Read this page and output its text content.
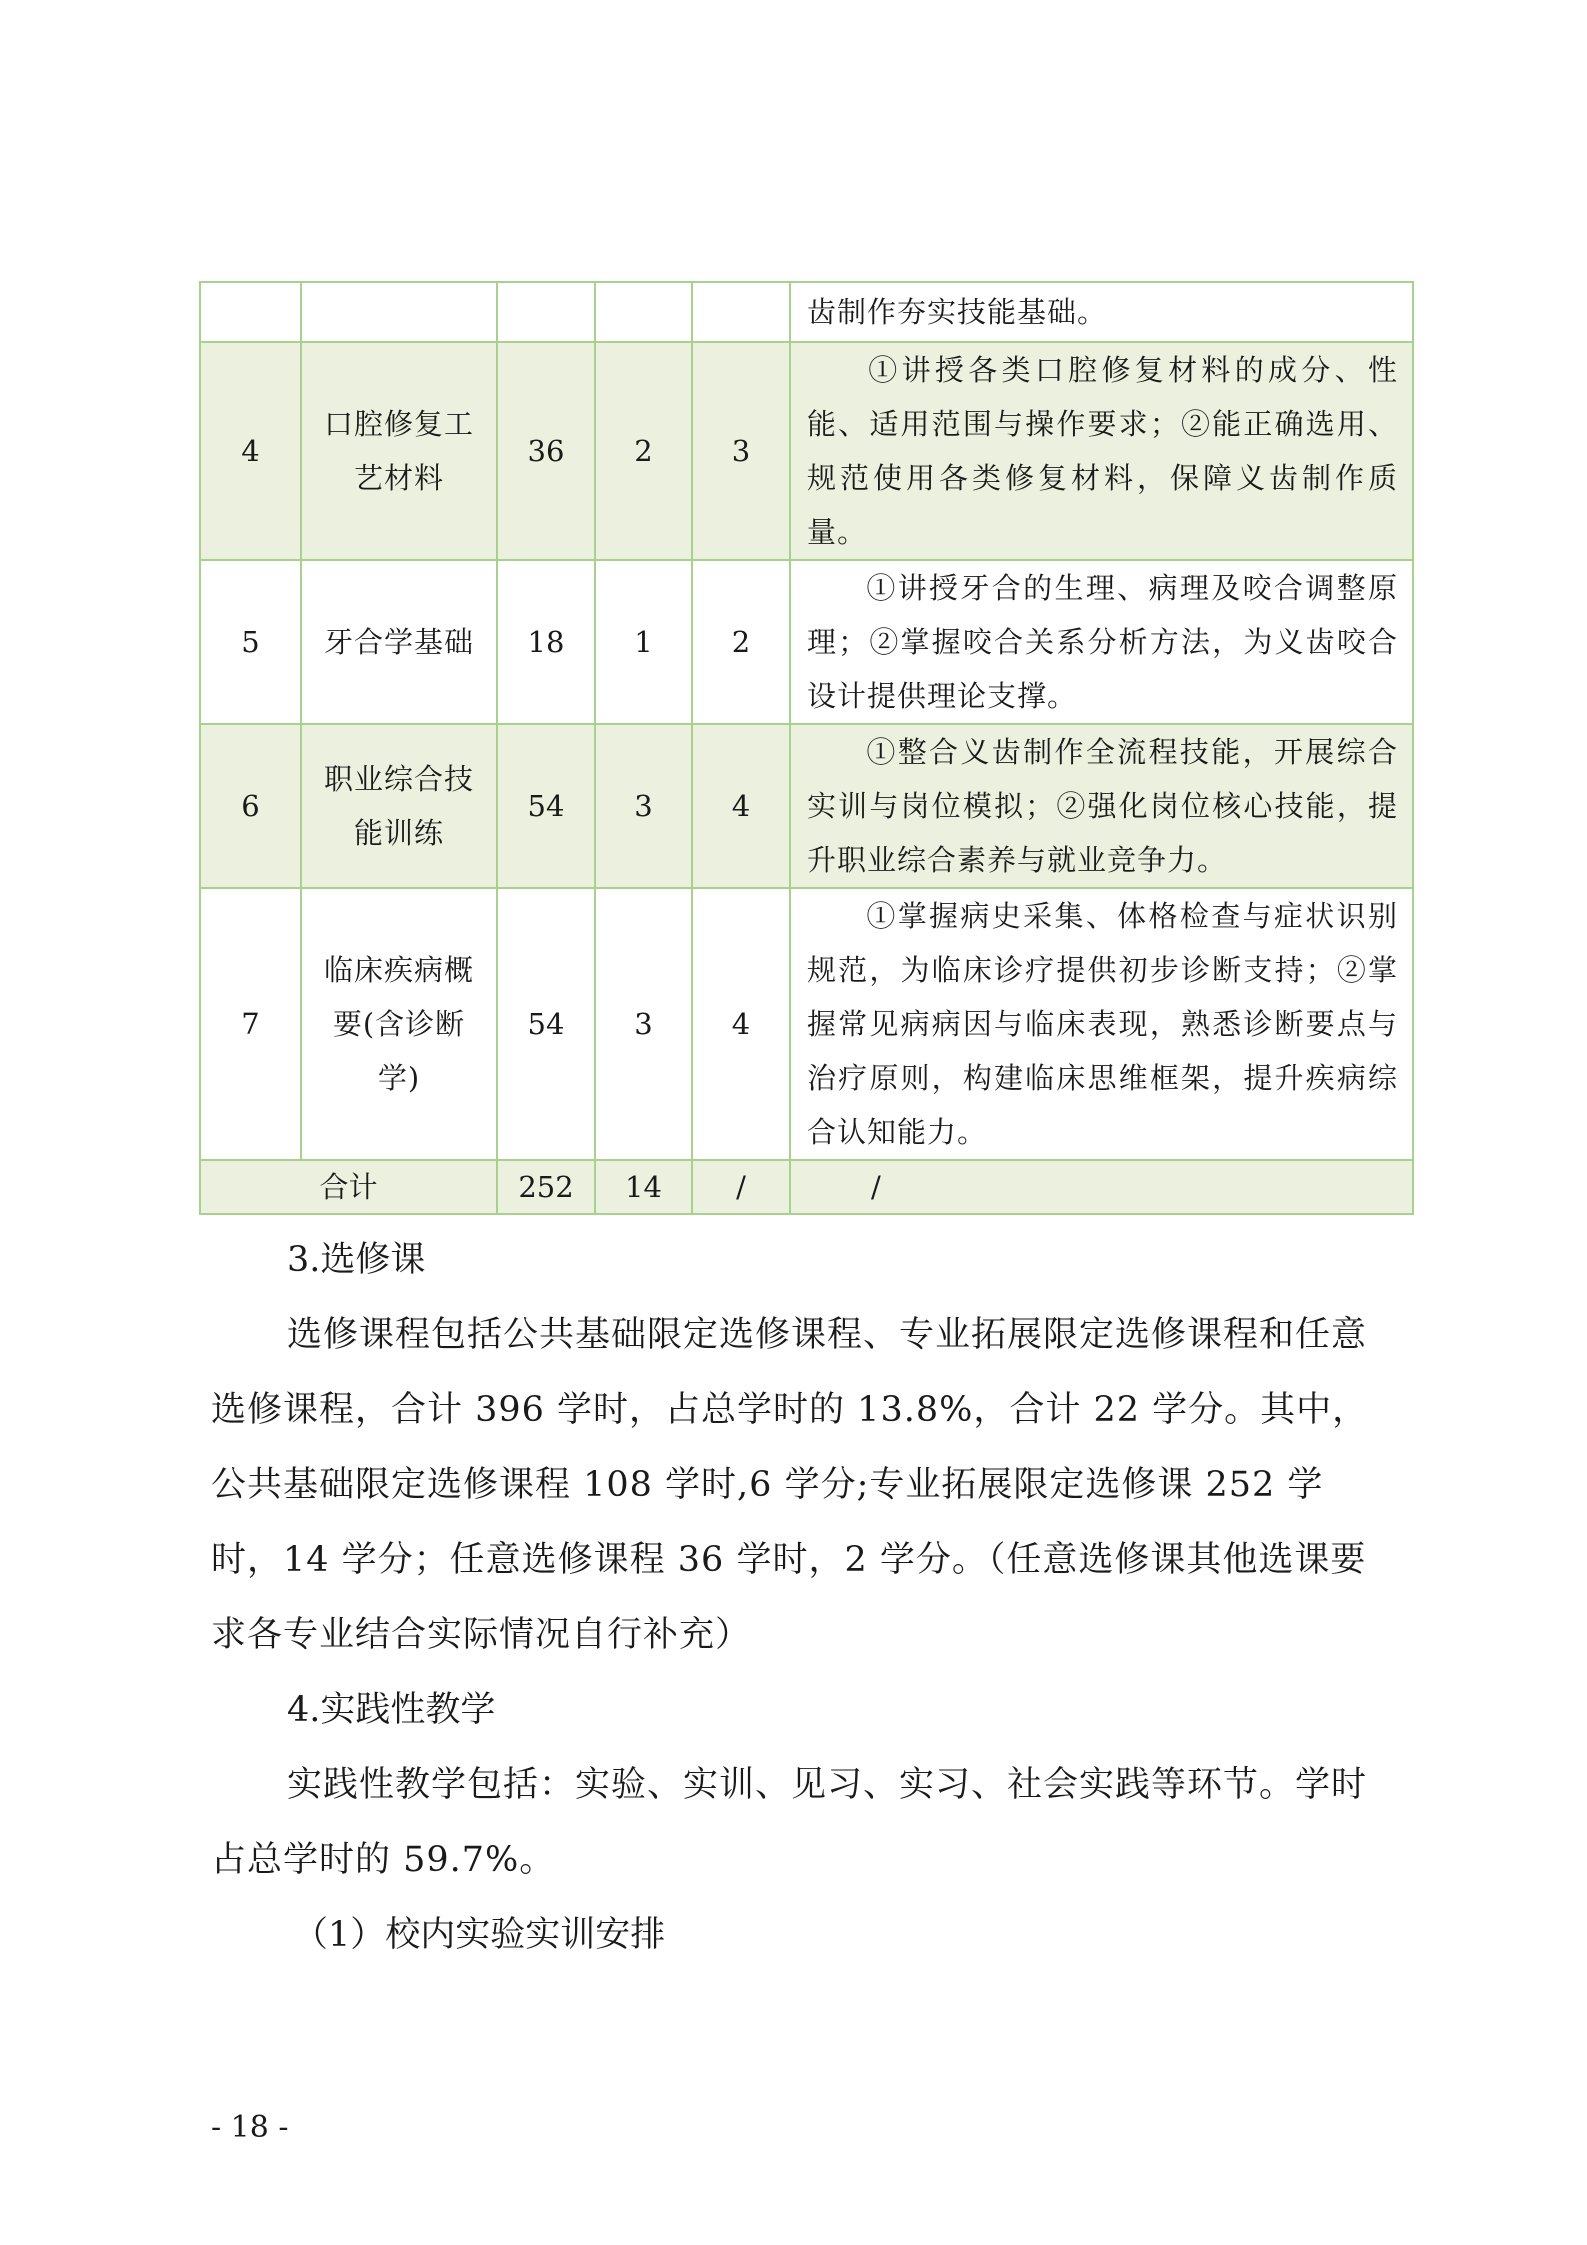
					齿制作夯实技能基础。
4	口腔修复工艺材料	36	2	3	①讲授各类口腔修复材料的成分、性能、适用范围与操作要求；②能正确选用、规范使用各类修复材料，保障义齿制作质量。
5	牙合学基础	18	1	2	①讲授牙合的生理、病理及咬合调整原理；②掌握咬合关系分析方法，为义齿咬合设计提供理论支撑。
6	职业综合技能训练	54	3	4	①整合义齿制作全流程技能，开展综合实训与岗位模拟；②强化岗位核心技能，提升职业综合素养与就业竞争力。
7	临床疾病概要(含诊断学)	54	3	4	①掌握病史采集、体格检查与症状识别规范，为临床诊疗提供初步诊断支持；②掌握常见病病因与临床表现，熟悉诊断要点与治疗原则，构建临床思维框架，提升疾病综合认知能力。
合计		252	14	/	/
3.选修课
选修课程包括公共基础限定选修课程、专业拓展限定选修课程和任意选修课程，合计 396 学时，占总学时的 13.8%，合计 22 学分。其中，公共基础限定选修课程 108 学时,6 学分;专业拓展限定选修课 252 学时，14 学分；任意选修课程 36 学时，2 学分。（任意选修课其他选课要求各专业结合实际情况自行补充）
4.实践性教学
实践性教学包括：实验、实训、见习、实习、社会实践等环节。学时占总学时的 59.7%。
（1）校内实验实训安排
- 18 -
